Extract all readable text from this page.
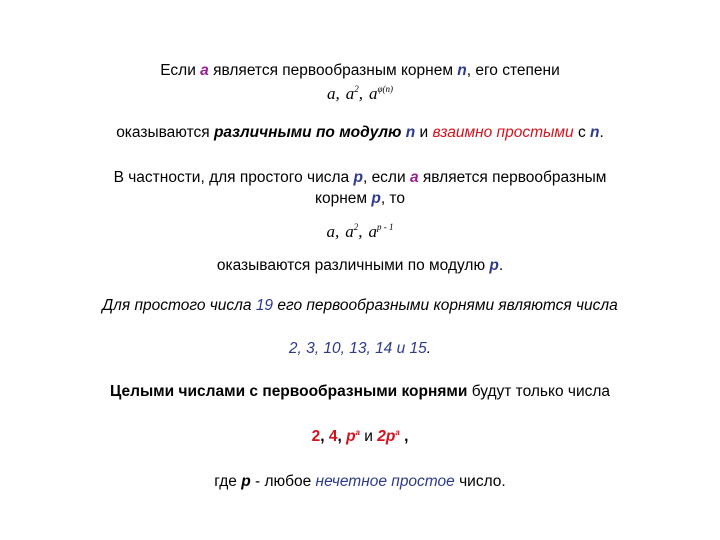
Если a является первообразным корнем n, его степени
a, $a^2$, $a^{\varphi(n)}$
оказываются различными по модулю n и взаимно простыми с n.
В частности, для простого числа p, если a является первообразным
корнем p, то
a, $a^2$, $a^{p - 1}$
оказываются различными по модулю p.
Для простого числа 19 его первообразными корнями являются числа
2, 3, 10, 13, 14 и 15.
Целыми числами с первообразными корнями будут только числа
2, 4, $p^a$ и $2p^a$ ,
где p - любое нечетное простое число.
